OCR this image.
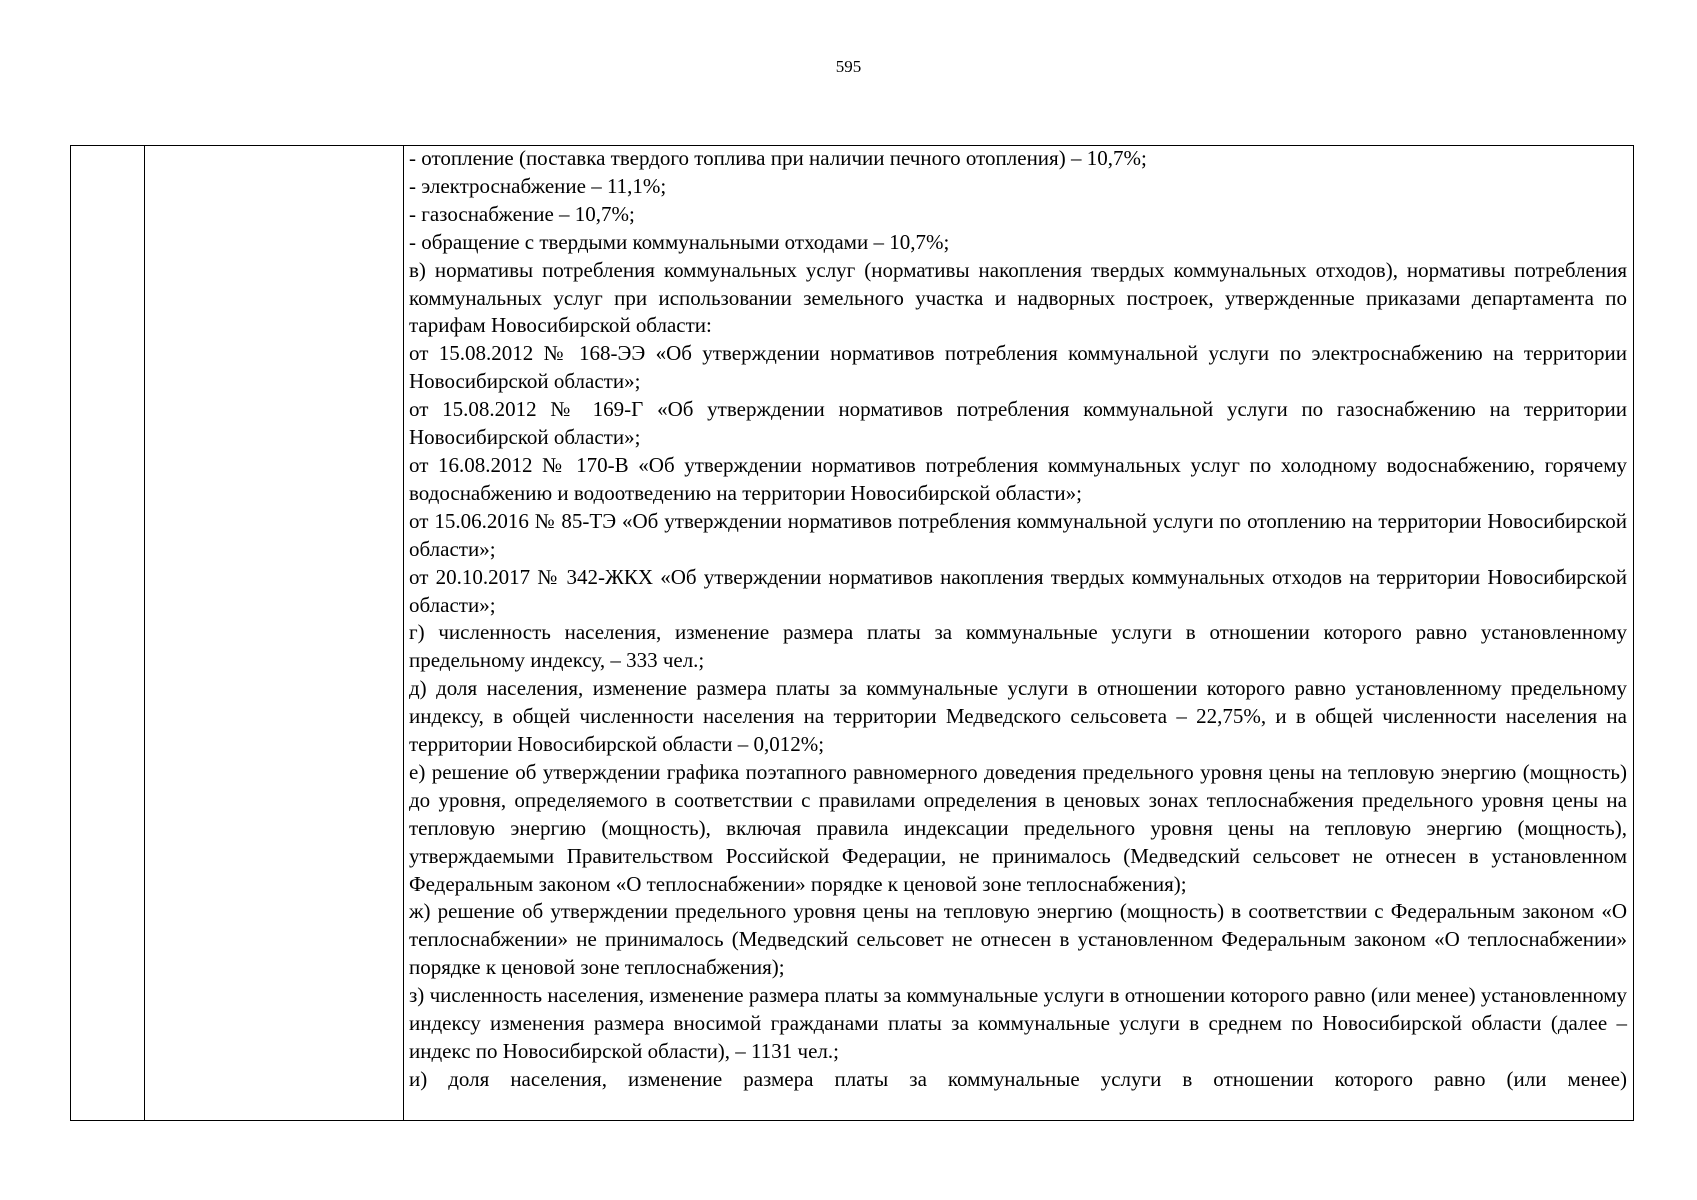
595

- отопление (поставка твердого топлива при наличии печного отопления) – 10,7%;

- электроснабжение – 11,1%;

- газоснабжение – 10,7%;

- обращение с твердыми коммунальными отходами – 10,7%;

в) нормативы потребления коммунальных услуг (нормативы накопления твердых коммунальных отходов), нормативы потребления коммунальных услуг при использовании земельного участка и надворных построек, утвержденные приказами департамента по тарифам Новосибирской области:

от 15.08.2012 № 168-ЭЭ «Об утверждении нормативов потребления коммунальной услуги по электроснабжению на территории Новосибирской области»;

от 15.08.2012 № 169-Г «Об утверждении нормативов потребления коммунальной услуги по газоснабжению на территории Новосибирской области»;

от 16.08.2012 № 170-В «Об утверждении нормативов потребления коммунальных услуг по холодному водоснабжению, горячему водоснабжению и водоотведению на территории Новосибирской области»;

от 15.06.2016 № 85-ТЭ «Об утверждении нормативов потребления коммунальной услуги по отоплению на территории Новосибирской области»;

от 20.10.2017 № 342-ЖКХ «Об утверждении нормативов накопления твердых коммунальных отходов на территории Новосибирской области»;

г) численность населения, изменение размера платы за коммунальные услуги в отношении которого равно установленному предельному индексу, – 333 чел.;

д) доля населения, изменение размера платы за коммунальные услуги в отношении которого равно установленному предельному индексу, в общей численности населения на территории Медведского сельсовета – 22,75%, и в общей численности населения на территории Новосибирской области – 0,012%;

е) решение об утверждении графика поэтапного равномерного доведения предельного уровня цены на тепловую энергию (мощность) до уровня, определяемого в соответствии с правилами определения в ценовых зонах теплоснабжения предельного уровня цены на тепловую энергию (мощность), включая правила индексации предельного уровня цены на тепловую энергию (мощность), утверждаемыми Правительством Российской Федерации, не принималось (Медведский сельсовет не отнесен в установленном Федеральным законом «О теплоснабжении» порядке к ценовой зоне теплоснабжения);

ж) решение об утверждении предельного уровня цены на тепловую энергию (мощность) в соответствии с Федеральным законом «О теплоснабжении» не принималось (Медведский сельсовет не отнесен в установленном Федеральным законом «О теплоснабжении» порядке к ценовой зоне теплоснабжения);

з) численность населения, изменение размера платы за коммунальные услуги в отношении которого равно (или менее) установленному индексу изменения размера вносимой гражданами платы за коммунальные услуги в среднем по Новосибирской области (далее – индекс по Новосибирской области), – 1131 чел.;

и) доля населения, изменение размера платы за коммунальные услуги в отношении которого равно (или менее)
